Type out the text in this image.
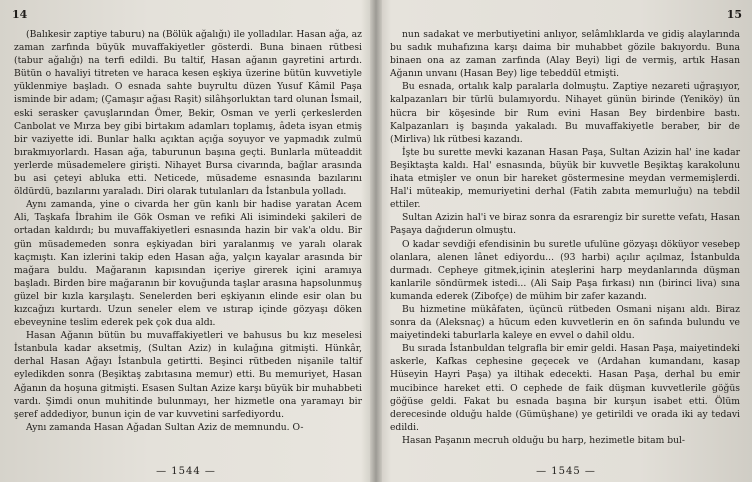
14

(Balıkesir zaptiye taburu) na (Bölük ağalığı) ile yolladılar. Hasan ağa, az zaman zarfında büyük muvaffakiyetler gösterdi. Buna binaen rütbesi (tabur ağalığı) na terfi edildi. Bu taltif, Hasan ağanın gayretini artırdı. Bütün o havaliyi titreten ve haraca kesen eşkiya üzerine bütün kuvvetiyle yüklenmiye başladı. O esnada sahte buyrultu düzen Yusuf Kâmil Paşa isminde bir adam; (Çamaşır ağası Raşit) silâhşorluktan tard olunan İsmail, eski serasker çavuşlarından Ömer, Bekir, Osman ve yerli çerkeslerden Canbolat ve Mırza bey gibi birtakım adamları toplamış, âdeta isyan etmiş bir vaziyette idi. Bunlar halkı açıktan açığa soyuyor ve yapmadık zulmü bırakmıyorlardı. Hasan ağa, taburunun başına geçti. Bunlarla müteaddit yerlerde müsademelere girişti. Nihayet Bursa civarında, bağlar arasında bu asi çeteyi abluka etti. Neticede, müsademe esnasında bazılarını öldürdü, bazılarını yaraladı. Diri olarak tutulanları da İstanbula yolladı.

Aynı zamanda, yine o civarda her gün kanlı bir hadise yaratan Acem Ali, Taşkafa İbrahim ile Gök Osman ve refiki Ali isimindeki şakileri de ortadan kaldırdı; bu muvaffakiyetleri esnasında hazin bir vak'a oldu. Bir gün müsademeden sonra eşkiyadan biri yaralanmış ve yaralı olarak kaçmıştı. Kan izlerini takip eden Hasan ağa, yalçın kayalar arasında bir mağara buldu. Mağaranın kapısından içeriye girerek içini aramıya başladı. Birden bire mağaranın bir kovuğunda taşlar arasına hapsolunmuş güzel bir kızla karşılaştı. Senelerden beri eşkiyanın elinde esir olan bu kızcağızı kurtardı. Uzun seneler elem ve ıstırap içinde gözyaşı döken ebeveynine teslim ederek pek çok dua aldı.

Hasan Ağanın bütün bu muvaffakiyetleri ve bahusus bu kız meselesi İstanbula kadar aksetmiş, (Sultan Aziz) in kulağına gitmişti. Hünkâr, derhal Hasan Ağayı İstanbula getirtti. Beşinci rütbeden nişanile taltif eyledikden sonra (Beşiktaş zabıtasına memur) etti. Bu memuriyet, Hasan Ağanın da hoşuna gitmişti. Esasen Sultan Azize karşı büyük bir muhabbeti vardı. Şimdi onun muhitinde bulunmayı, her hizmetle ona yaramayı bir şeref addediyor, bunun için de var kuvvetini sarfediyordu.

Aynı zamanda Hasan Ağadan Sultan Aziz de memnundu. O-

— 1544 —
15

nun sadakat ve merbutiyetini anlıyor, selâmlıklarda ve gidiş alaylarında bu sadık muhafızına karşı daima bir muhabbet gözile bakıyordu. Buna binaen ona az zaman zarfında (Alay Beyi) ligi de vermiş, artık Hasan Ağanın unvanı (Hasan Bey) lige tebeddül etmişti.

Bu esnada, ortalık kalp paralarla dolmuştu. Zaptiye nezareti uğraşıyor, kalpazanları bir türlü bulamıyordu. Nihayet günün birinde (Yeniköy) ün hücra bir köşesinde bir Rum evini Hasan Bey birdenbire bastı. Kalpazanları iş başında yakaladı. Bu muvaffakiyetle beraber, bir de (Mirliva) lık rütbesi kazandı.

İşte bu surette mevki kazanan Hasan Paşa, Sultan Azizin hal' ine kadar Beşiktaşta kaldı. Hal' esnasında, büyük bir kuvvetle Beşiktaş karakolunu ihata etmişler ve onun bir hareket göstermesine meydan vermemişlerdi. Hal'i müteakip, memuriyetini derhal (Fatih zabıta memurluğu) na tebdil ettiler.

Sultan Azizin hal'i ve biraz sonra da esrarengiz bir surette vefatı, Hasan Paşaya dağıderun olmuştu.

O kadar sevdiği efendisinin bu suretle ufulüne gözyaşı döküyor vesebep olanlara, alenen lânet ediyordu... (93 harbi) açılır açılmaz, İstanbulda durmadı. Cepheye gitmek,içinin ateşlerini harp meydanlarında düşman kanlarile söndürmek istedi... (Ali Saip Paşa fırkası) nın (birinci liva) sına kumanda ederek (Zibofçe) de mühim bir zafer kazandı.

Bu hizmetine mükâfaten, üçüncü rütbeden Osmani nişanı aldı. Biraz sonra da (Aleksnaç) a hücum eden kuvvetlerin en ön safında bulundu ve maiyetindeki taburlarla kaleye en evvel o dahil oldu.

Bu sırada İstanbuldan telgrafla bir emir geldi. Hasan Paşa, maiyetindeki askerle, Kafkas cephesine geçecek ve (Ardahan kumandanı, kasap Hüseyin Hayri Paşa) ya iltihak edecekti. Hasan Paşa, derhal bu emir mucibince hareket etti. O cephede de faik düşman kuvvetlerile göğüs göğüse geldi. Fakat bu esnada başına bir kurşun isabet etti. Ölüm derecesinde olduğu halde (Gümüşhane) ye getirildi ve orada iki ay tedavi edildi.

Hasan Paşanın mecruh olduğu bu harp, hezimetle bitam bul-

— 1545 —
